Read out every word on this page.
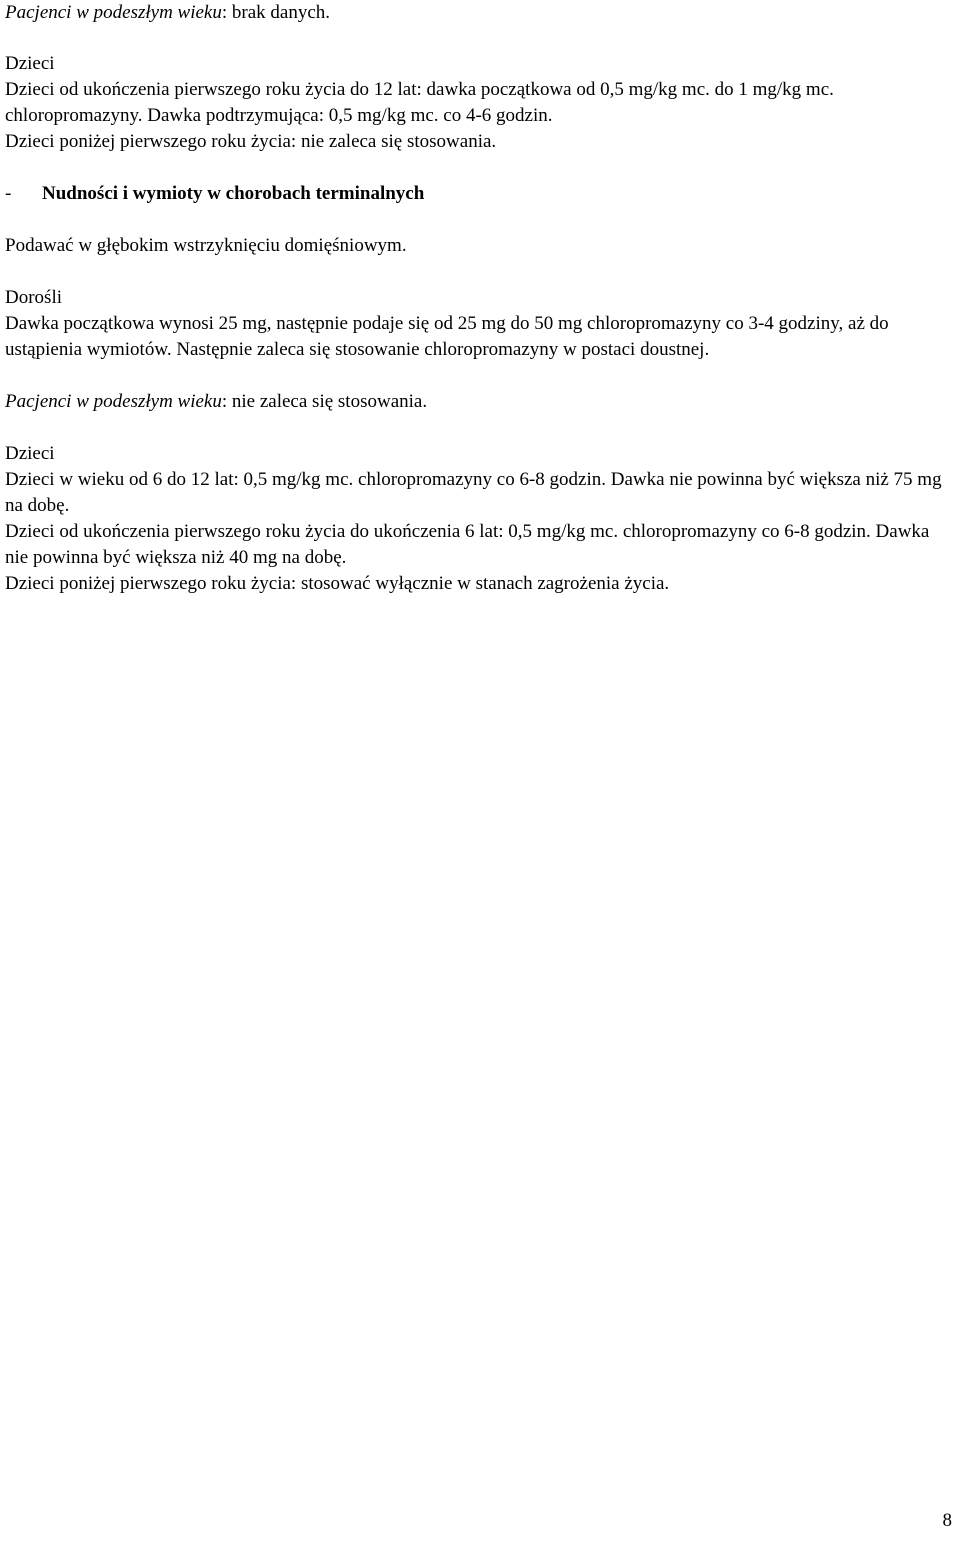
Pacjenci w podeszłym wieku: brak danych.

Dzieci

Dzieci od ukończenia pierwszego roku życia do 12 lat: dawka początkowa od 0,5 mg/kg mc. do 1 mg/kg mc. chloropromazyny. Dawka podtrzymująca: 0,5 mg/kg mc. co 4-6 godzin.

Dzieci poniżej pierwszego roku życia: nie zaleca się stosowania.

-	Nudności i wymioty w chorobach terminalnych

Podawać w głębokim wstrzyknięciu domięśniowym.

Dorośli

Dawka początkowa wynosi 25 mg, następnie podaje się od 25 mg do 50 mg chloropromazyny co 3-4 godziny, aż do ustąpienia wymiotów. Następnie zaleca się stosowanie chloropromazyny w postaci doustnej.

Pacjenci w podeszłym wieku: nie zaleca się stosowania.

Dzieci

Dzieci w wieku od 6 do 12 lat: 0,5 mg/kg mc. chloropromazyny co 6-8 godzin. Dawka nie powinna być większa niż 75 mg na dobę.

Dzieci od ukończenia pierwszego roku życia do ukończenia 6 lat: 0,5 mg/kg mc. chloropromazyny co 6-8 godzin. Dawka nie powinna być większa niż 40 mg na dobę.

Dzieci poniżej pierwszego roku życia: stosować wyłącznie w stanach zagrożenia życia.

8
